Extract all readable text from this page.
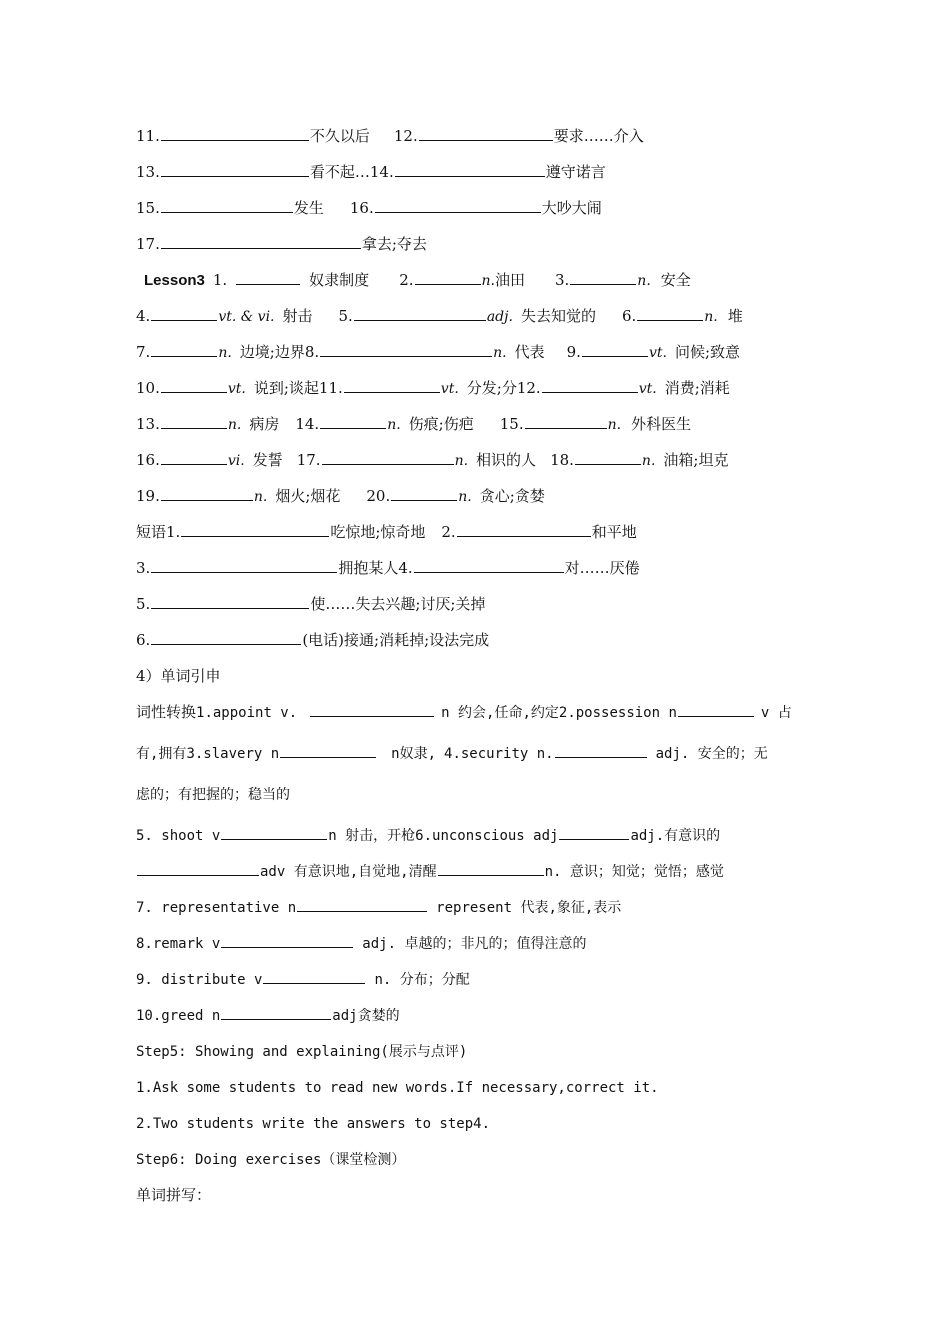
11.	不久以后 12.	要求……介入
13.	看不起…14.	遵守诺言
15.	发生 16.	大吵大闹
17.	拿去;夺去
Lesson3 1.	奴隶制度 2.	n.油田 3.	n. 安全
4.	vt. & vi. 射击 5.	adj. 失去知觉的 6.	n. 堆
7.	n. 边境;边界8.	n. 代表 9.	vt. 问候;致意
10.	vt. 说到;谈起11.	vt. 分发;分12.	vt. 消费;消耗
13.	n. 病房 14.	n. 伤痕;伤疤 15.	n. 外科医生
16.	vi. 发誓 17.	n. 相识的人 18.	n. 油箱;坦克
19.	n. 烟火;烟花 20.	n. 贪心;贪婪
短语1.	吃惊地;惊奇地 2.	和平地
3.	拥抱某人4.	对……厌倦
5.	使……失去兴趣;讨厌;关掉
6.	(电话)接通;消耗掉;设法完成
4）单词引申
词性转换1.appoint v.	n 约会,任命,约定2.possession n	v 占
有,拥有3.slavery n	n奴隶, 4.security n.	adj. 安全的；无
虑的；有把握的；稳当的
5. shoot v	n 射击，开枪6.unconscious adj	adj.有意识的
adv 有意识地,自觉地,清醒	n. 意识；知觉；觉悟；感觉
7. representative n	represent 代表,象征,表示
8.remark v	adj. 卓越的；非凡的；值得注意的
9. distribute v	n. 分布；分配
10.greed n	adj贪婪的
Step5: Showing and explaining(展示与点评)
1.Ask some students to read new words.If necessary,correct it.
2.Two students write the answers to step4.
Step6: Doing exercises（课堂检测）
单词拼写：
